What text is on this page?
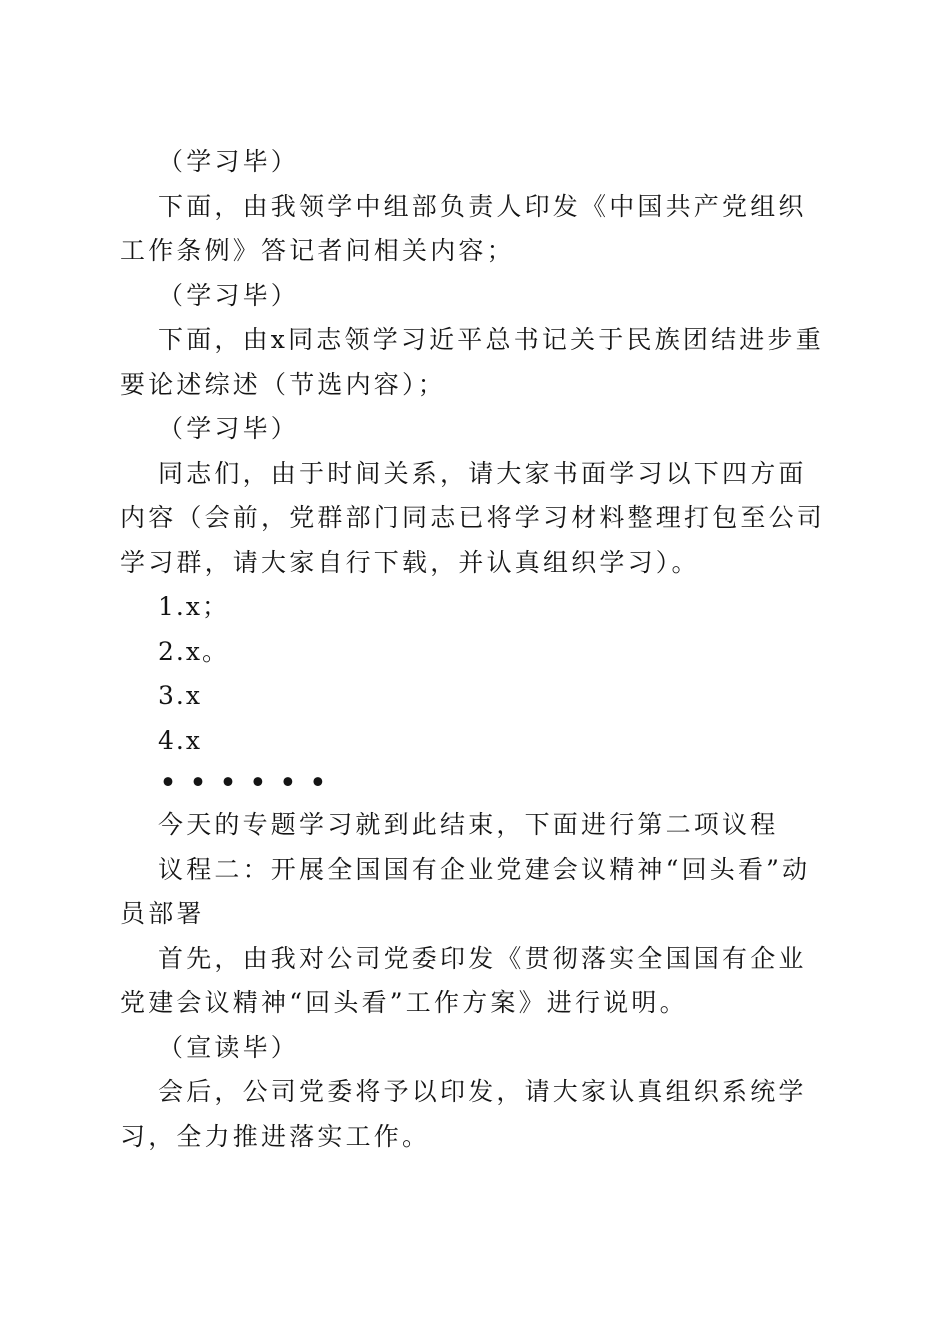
（学习毕）

下面，由我领学中组部负责人印发《中国共产党组织工作条例》答记者问相关内容；

（学习毕）

下面，由x同志领学习近平总书记关于民族团结进步重要论述综述（节选内容）；

（学习毕）

同志们，由于时间关系，请大家书面学习以下四方面内容（会前，党群部门同志已将学习材料整理打包至公司学习群，请大家自行下载，并认真组织学习）。

1.x；

2.x。

3.x

4.x

••••••

今天的专题学习就到此结束，下面进行第二项议程

议程二：开展全国国有企业党建会议精神“回头看”动员部署

首先，由我对公司党委印发《贯彻落实全国国有企业党建会议精神“回头看”工作方案》进行说明。

（宣读毕）

会后，公司党委将予以印发，请大家认真组织系统学习，全力推进落实工作。
